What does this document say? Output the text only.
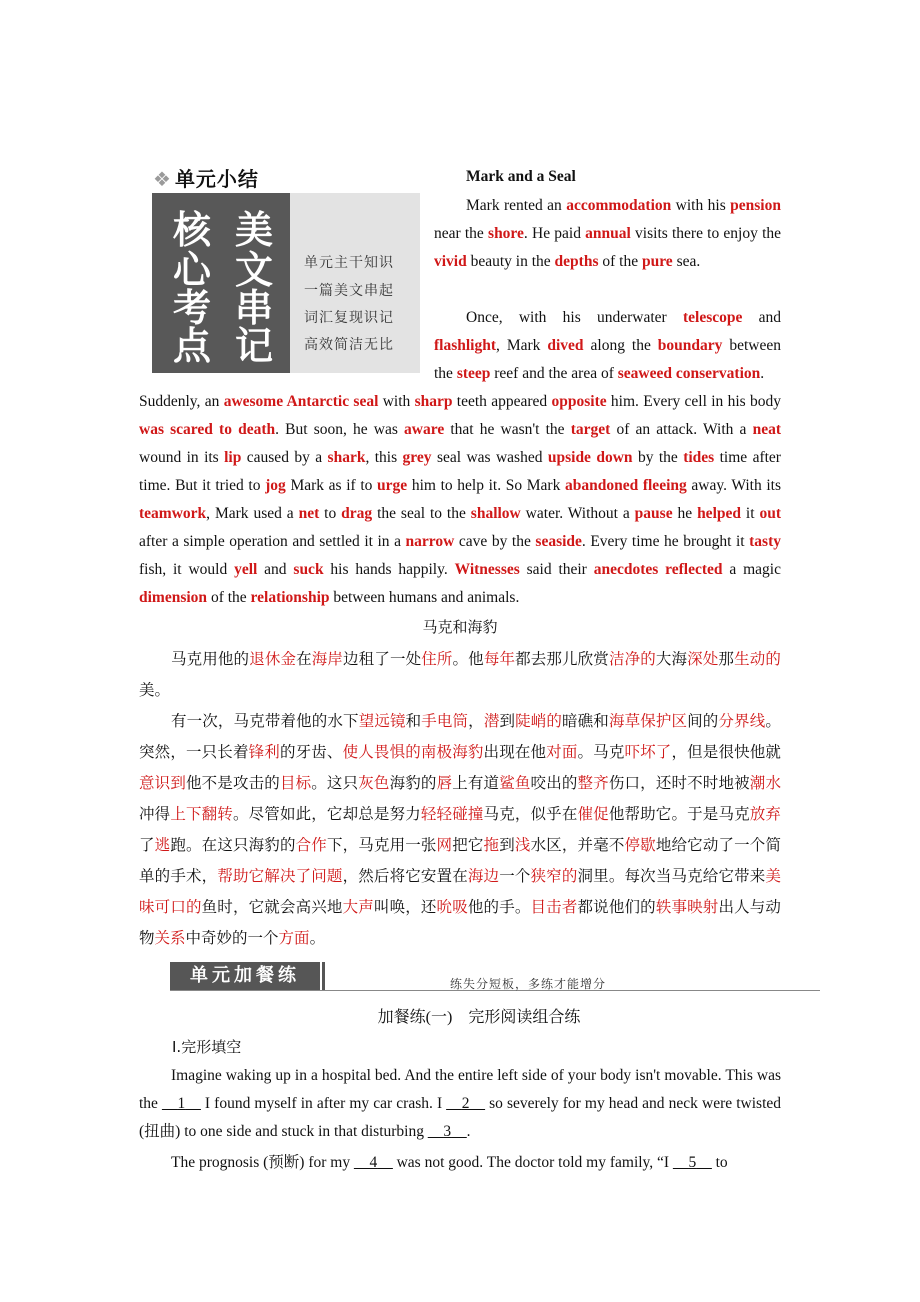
❖ 单元小结
核 美
心 文
考 串
点 记
单元主干知识
一篇美文串起
词汇复现识记
高效简洁无比
Mark and a Seal

Mark rented an accommodation with his pension near the shore. He paid annual visits there to enjoy the vivid beauty in the depths of the pure sea.

Once, with his underwater telescope and flashlight, Mark dived along the boundary between the steep reef and the area of seaweed conservation.

Suddenly, an awesome Antarctic seal with sharp teeth appeared opposite him. Every cell in his body was scared to death. But soon, he was aware that he wasn't the target of an attack. With a neat wound in its lip caused by a shark, this grey seal was washed upside down by the tides time after time. But it tried to jog Mark as if to urge him to help it. So Mark abandoned fleeing away. With its teamwork, Mark used a net to drag the seal to the shallow water. Without a pause he helped it out after a simple operation and settled it in a narrow cave by the seaside. Every time he brought it tasty fish, it would yell and suck his hands happily. Witnesses said their anecdotes reflected a magic dimension of the relationship between humans and animals.
马克和海豹

马克用他的退休金在海岸边租了一处住所。他每年都去那儿欣赏洁净的大海深处那生动的美。

有一次，马克带着他的水下望远镜和手电筒，潜到陡峭的暗礁和海草保护区间的分界线。突然，一只长着锋利的牙齿、使人畏惧的南极海豹出现在他对面。马克吓坏了，但是很快他就意识到他不是攻击的目标。这只灰色海豹的唇上有道鲨鱼咬出的整齐伤口，还时不时地被潮水冲得上下翻转。尽管如此，它却总是努力轻轻碰撞马克，似乎在催促他帮助它。于是马克放弃了逃跑。在这只海豹的合作下，马克用一张网把它拖到浅水区，并毫不停歇地给它动了一个简单的手术，帮助它解决了问题，然后将它安置在海边一个狭窄的洞里。每次当马克给它带来美味可口的鱼时，它就会高兴地大声叫唤，还吮吸他的手。目击者都说他们的轶事映射出人与动物关系中奇妙的一个方面。

单元加餐练	练失分短板，多练才能增分
加餐练(一)　完形阅读组合练
Ⅰ.完形填空

Imagine waking up in a hospital bed. And the entire left side of your body isn't movable. This was the __1__ I found myself in after my car crash. I __2__ so severely for my head and neck were twisted (扭曲) to one side and stuck in that disturbing __3__.

The prognosis (预断) for my __4__ was not good. The doctor told my family, “I __5__ to
